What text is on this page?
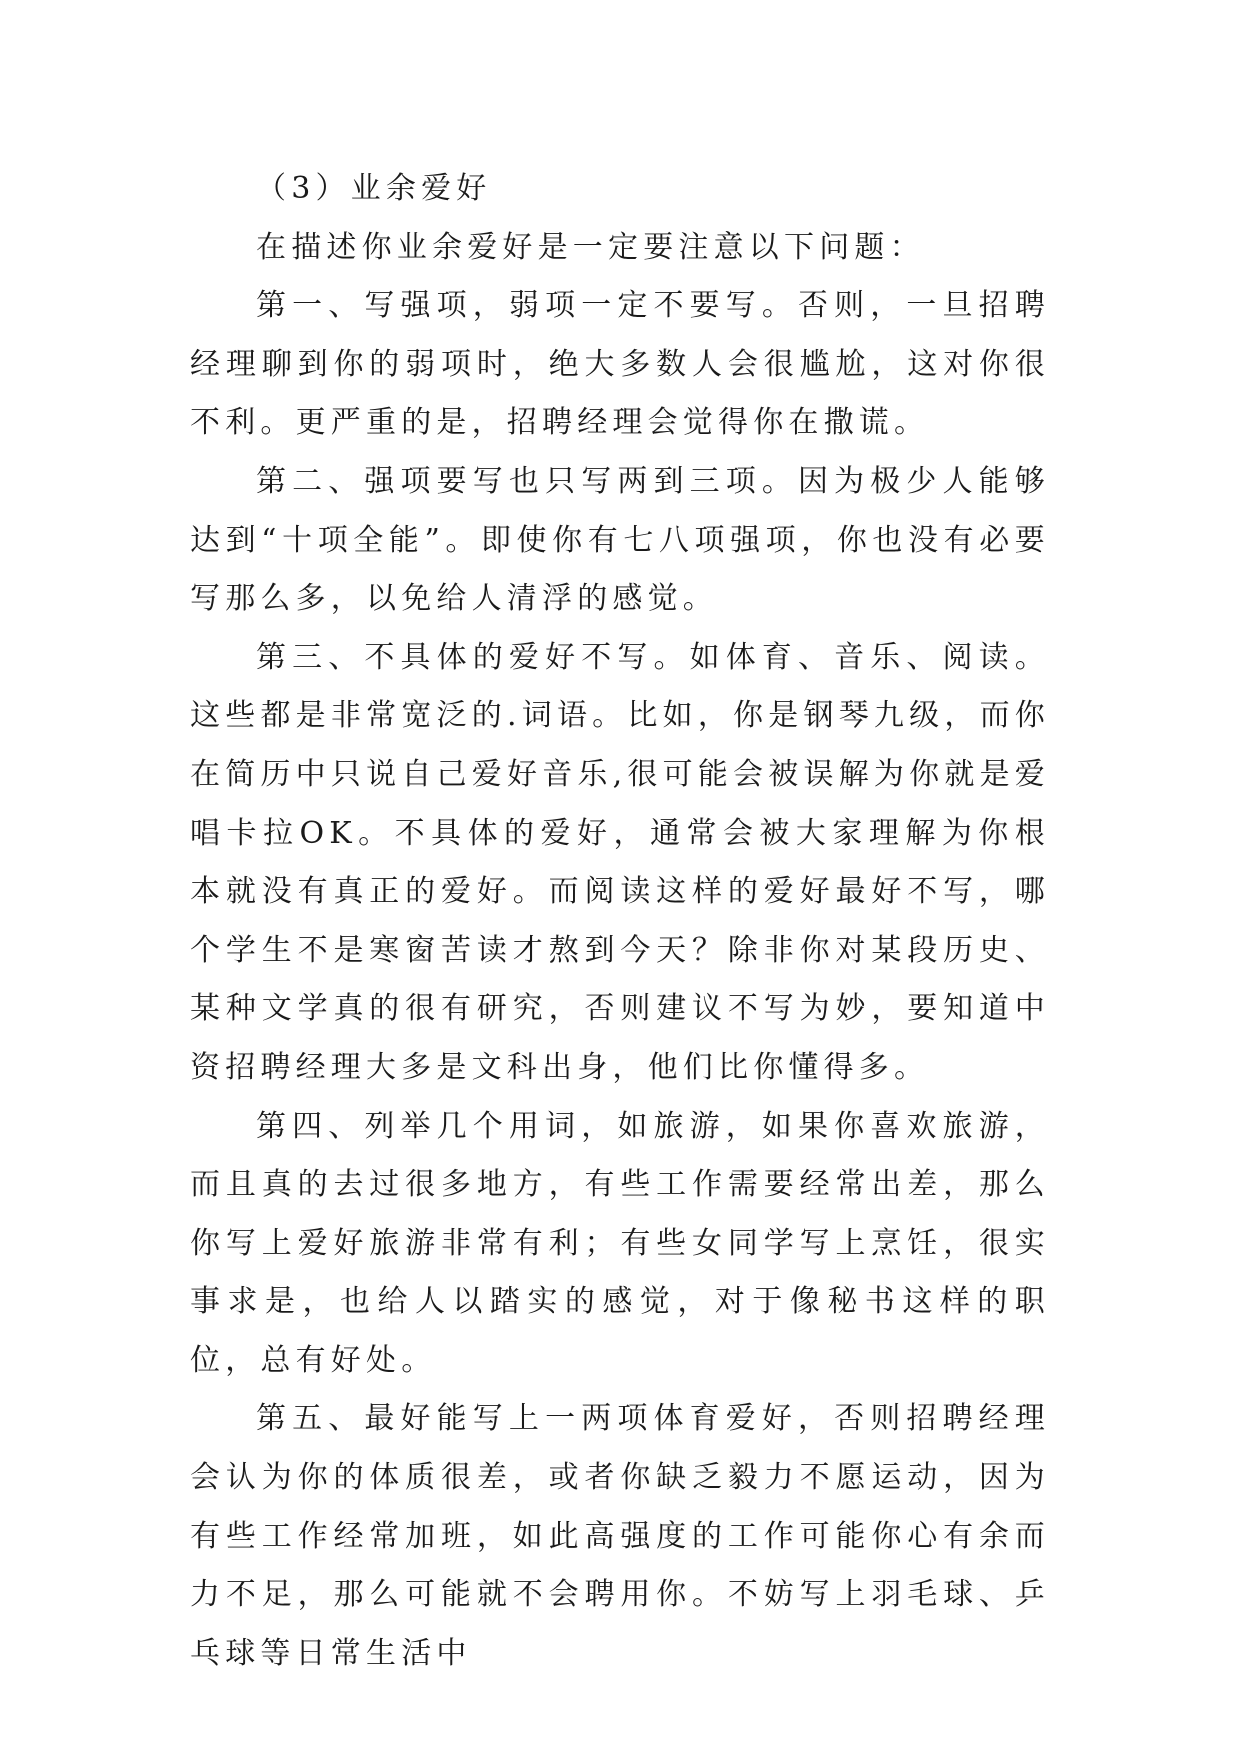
（3）业余爱好

在描述你业余爱好是一定要注意以下问题：

第一、写强项，弱项一定不要写。否则，一旦招聘经理聊到你的弱项时，绝大多数人会很尴尬，这对你很不利。更严重的是，招聘经理会觉得你在撒谎。

第二、强项要写也只写两到三项。因为极少人能够达到“十项全能”。即使你有七八项强项，你也没有必要写那么多，以免给人清浮的感觉。

第三、不具体的爱好不写。如体育、音乐、阅读。这些都是非常宽泛的.词语。比如，你是钢琴九级，而你在简历中只说自己爱好音乐,很可能会被误解为你就是爱唱卡拉OK。不具体的爱好，通常会被大家理解为你根本就没有真正的爱好。而阅读这样的爱好最好不写，哪个学生不是寒窗苦读才熬到今天？除非你对某段历史、某种文学真的很有研究，否则建议不写为妙，要知道中资招聘经理大多是文科出身，他们比你懂得多。

第四、列举几个用词，如旅游，如果你喜欢旅游，而且真的去过很多地方，有些工作需要经常出差，那么你写上爱好旅游非常有利；有些女同学写上烹饪，很实事求是，也给人以踏实的感觉，对于像秘书这样的职位，总有好处。

第五、最好能写上一两项体育爱好，否则招聘经理会认为你的体质很差，或者你缺乏毅力不愿运动，因为有些工作经常加班，如此高强度的工作可能你心有余而力不足，那么可能就不会聘用你。不妨写上羽毛球、乒乓球等日常生活中
